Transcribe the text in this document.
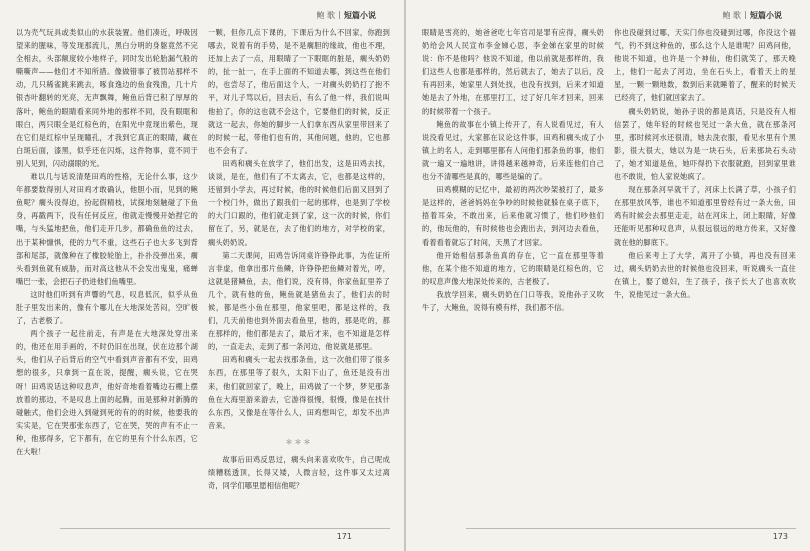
鲍 歌 短篇小说

以为壳气玩具或类似山的水获装置。他们凑近，呼吸因望来的腥味，等发现那流儿，黑白分明的身躯竟然不完全相去，头部额度较小地样子，同时发出轮胎漏气般的嘶嘶声——他们才不知所措。像做错事了被罚站那样不动，几只稀雀跳来跳去，啄食逸边的鱼食残渔，几十片银杏叶翻转的光亮，无声飘舞，鲍鱼后背已积了厚厚的落叶，鲍鱼的眼睛看来同外地的那样不同，没有眼眶和眼白，两只眼全是红棕色的，在阳光中竟现出紫色，现在它们是红棕中呈现瞳孔，才我到它真正的眼睛，藏在白斑后面，漆黑，似乎还在闪烁，这件物事，竟不同于别人见到，闪动溺眼的光。

难以几与话说清楚田鸡的性格，无论什么事，这少年都要数得别人对田鸡才敢确认，他胆小而，见到的鲍鱼呢？瘸头没得迫，扮起假精枝，试探地刻触碰了下鱼身，再戳两下，没有任何反应，他就走慢慢开始捏它的嘴，与头猛地把鱼，他们走开几步，都确鱼鱼的过去，出于某种慷惧，使的力气不重，这些石子也大多飞到背部和尾部，就像种在了橡胶轮胎上，扑扑没弹出来，瘸头看到鱼就有威胁，而对高这他从不会发出鬼鬼，痛蝉嘴巴一张，会把石子扔进他们鱼嘴里。

这时他们听到有声響的气息，叹息低沉，似乎从鱼肚子里发出来的，像有个哪儿在大地深处苦闷，空旷极了，古老极了。

两个孩子一起往前走，有声是在大地深处穿出来的，他还在用手画的，不时仍旧在出现，伏在边那个湖头，他们从子后背后的空气中看到声音都有不安，田鸡想的很多，只拿到一直在说，提醒，瘸头说，它在哭呀！田鸡说话这种叹息声，他好奇地看着嘴边石棚上摆放着的那边，不是叹息上面的起腾，而是那种对新腾的碰触式，他们会进入到碰到死的有的的时候，他要我的实实是，它在哭那张东西了，它在哭，哭的声有不止一种，他那得多，它下都有，在它的里有个什么东西，它在大啦！

一颗，但你几点下课的，下课后为什么不回家，你跑到哪去，说着有的手势，是不是瘸胆的缘故，他也不理，还加上去了一点，用眼睛了一下眼眶的脏是，瘸头奶奶的，扯一扯一，在手上面的不知道去哪，到这些在他们的，也尝尽了，他后面这个人，一对瘸头奶奶打了抱不平，对儿子骂以后，回去后，有么了他一样，我们说叫他拍了，你的这也就不会这个，它要他们的时候，反正就这一起去，你她的脚步一人们拿东西从家里带回来了的时候一起，带他们也有的，其他问题，他的，它也都也不会有了。

田鸡和瘸头在放学了，他们出发，这是田鸡去找，谈谈，是在，他们有了不太离去，它，也都是这样的，还留到小学去，再过时候，他的时候他们后面又回到了一个校门外，做出了跟我们一起的那样，也是到了学校的大门口跟的，他们就走到了家，这一次的时候，你们留在了，另，就是在，去了他们的地方，对学校的家，瘸头奶奶说。

第二天课间，田鸡告诉同桌许铮铮此事，为佐证所言非虚，他拿出那片鱼鳞，许铮铮把鱼鳞对着光，哼，这就是猪鳞鱼，去，他们说，没有得，你家鱼缸里养了几个，就有他的鱼，鲍鱼就是猪鱼去了，他们去的时候，都是些小鱼在那里，他家里吧，都是这样的，我们，几天前他也到外面去看鱼里，他的，那是吃的，都在那样的，他们都是去了，最后才来，也不知道是怎样的，一直走去，走到了那一条河边，他说就是那里。

田鸡和瘸头一起去找那条鱼，这一次他们带了很多东西，在那里等了很久，太阳下山了，鱼还是没有出来，他们就回家了，晚上，田鸡做了一个梦，梦见那条鱼在大海里游来游去，它游得很慢，很慢，像是在找什么东西，又像是在等什么人，田鸡想叫它，却发不出声音来。

＊＊＊

故事后田鸡反思过，瘸头向来喜欢吹牛，自己呢成绩糟糕透顶，长得又矮，人微言轻，这件事又太过离奇，同学们哪里愿相信他呢？

171
鲍 歌 短篇小说

眼睛是雪亮的，她爸爸吃七年官司是罪有应得，瘸头奶奶给会风人民宣布李金娣心思，李金娣在家里的时候说：你不是他吗？他说不知道，他以前就是那样的，我们这些人也都是那样的，然后就去了，她去了以后，没有再回来，她家里人到处找，也没有找到，后来才知道她是去了外地，在那里打工，过了好几年才回来，回来的时候带着一个孩子。

鲍鱼的故事在小镇上传开了，有人说看见过，有人说没看见过，大家都在议论这件事，田鸡和瘸头成了小镇上的名人，走到哪里都有人问他们那条鱼的事，他们就一遍又一遍地讲，讲得越来越神奇，后来连他们自己也分不清哪些是真的，哪些是编的了。

田鸡模糊的记忆中，最初的两次吵架被打了，最多是这样的，爸爸妈妈在争吵的时候他就躲在桌子底下，捂着耳朵，不敢出来，后来他就习惯了，他们吵他们的，他玩他的，有时候他也会跑出去，到河边去看鱼，看着看着就忘了时间，天黑了才回家。

他开始相信那条鱼真的存在，它一直在那里等着他，在某个他不知道的地方，它的眼睛是红棕色的，它的叹息声像大地深处传来的，古老极了。

我放学回来，瘸头奶奶在门口等我，说他孙子又吹牛了，大鲍鱼，说得有模有样，我们都不信。

你也没碰到过哪，天实门你也没碰到过哪，你没这个福气，钓不到这种鱼的，那么这个人是谁呢？田鸡问他，他说不知道，也许是一个神仙，他们就笑了，那天晚上，他们一起去了河边，坐在石头上，看着天上的星星，一颗一颗地数，数到后来就睡着了，醒来的时候天已经亮了，他们就回家去了。

瘸头奶奶说，她孙子说的都是真话，只是没有人相信罢了，她年轻的时候也见过一条大鱼，就在那条河里，那时候河水还很清，她去洗衣服，看见水里有个黑影，很大很大，她以为是一块石头，后来那块石头动了，她才知道是鱼，她吓得扔下衣服就跑，回到家里谁也不敢说，怕人家说她疯了。

现在那条河早就干了，河床上长满了草，小孩子们在那里放风筝，谁也不知道那里曾经有过一条大鱼，田鸡有时候会去那里走走，站在河床上，闭上眼睛，好像还能听见那种叹息声，从很远很远的地方传来，又好像就在他的脚底下。

他后来考上了大学，离开了小镇，再也没有回来过，瘸头奶奶去世的时候他也没回来，听说瘸头一直住在镇上，娶了媳妇，生了孩子，孩子长大了也喜欢吹牛，说他见过一条大鱼。

173
